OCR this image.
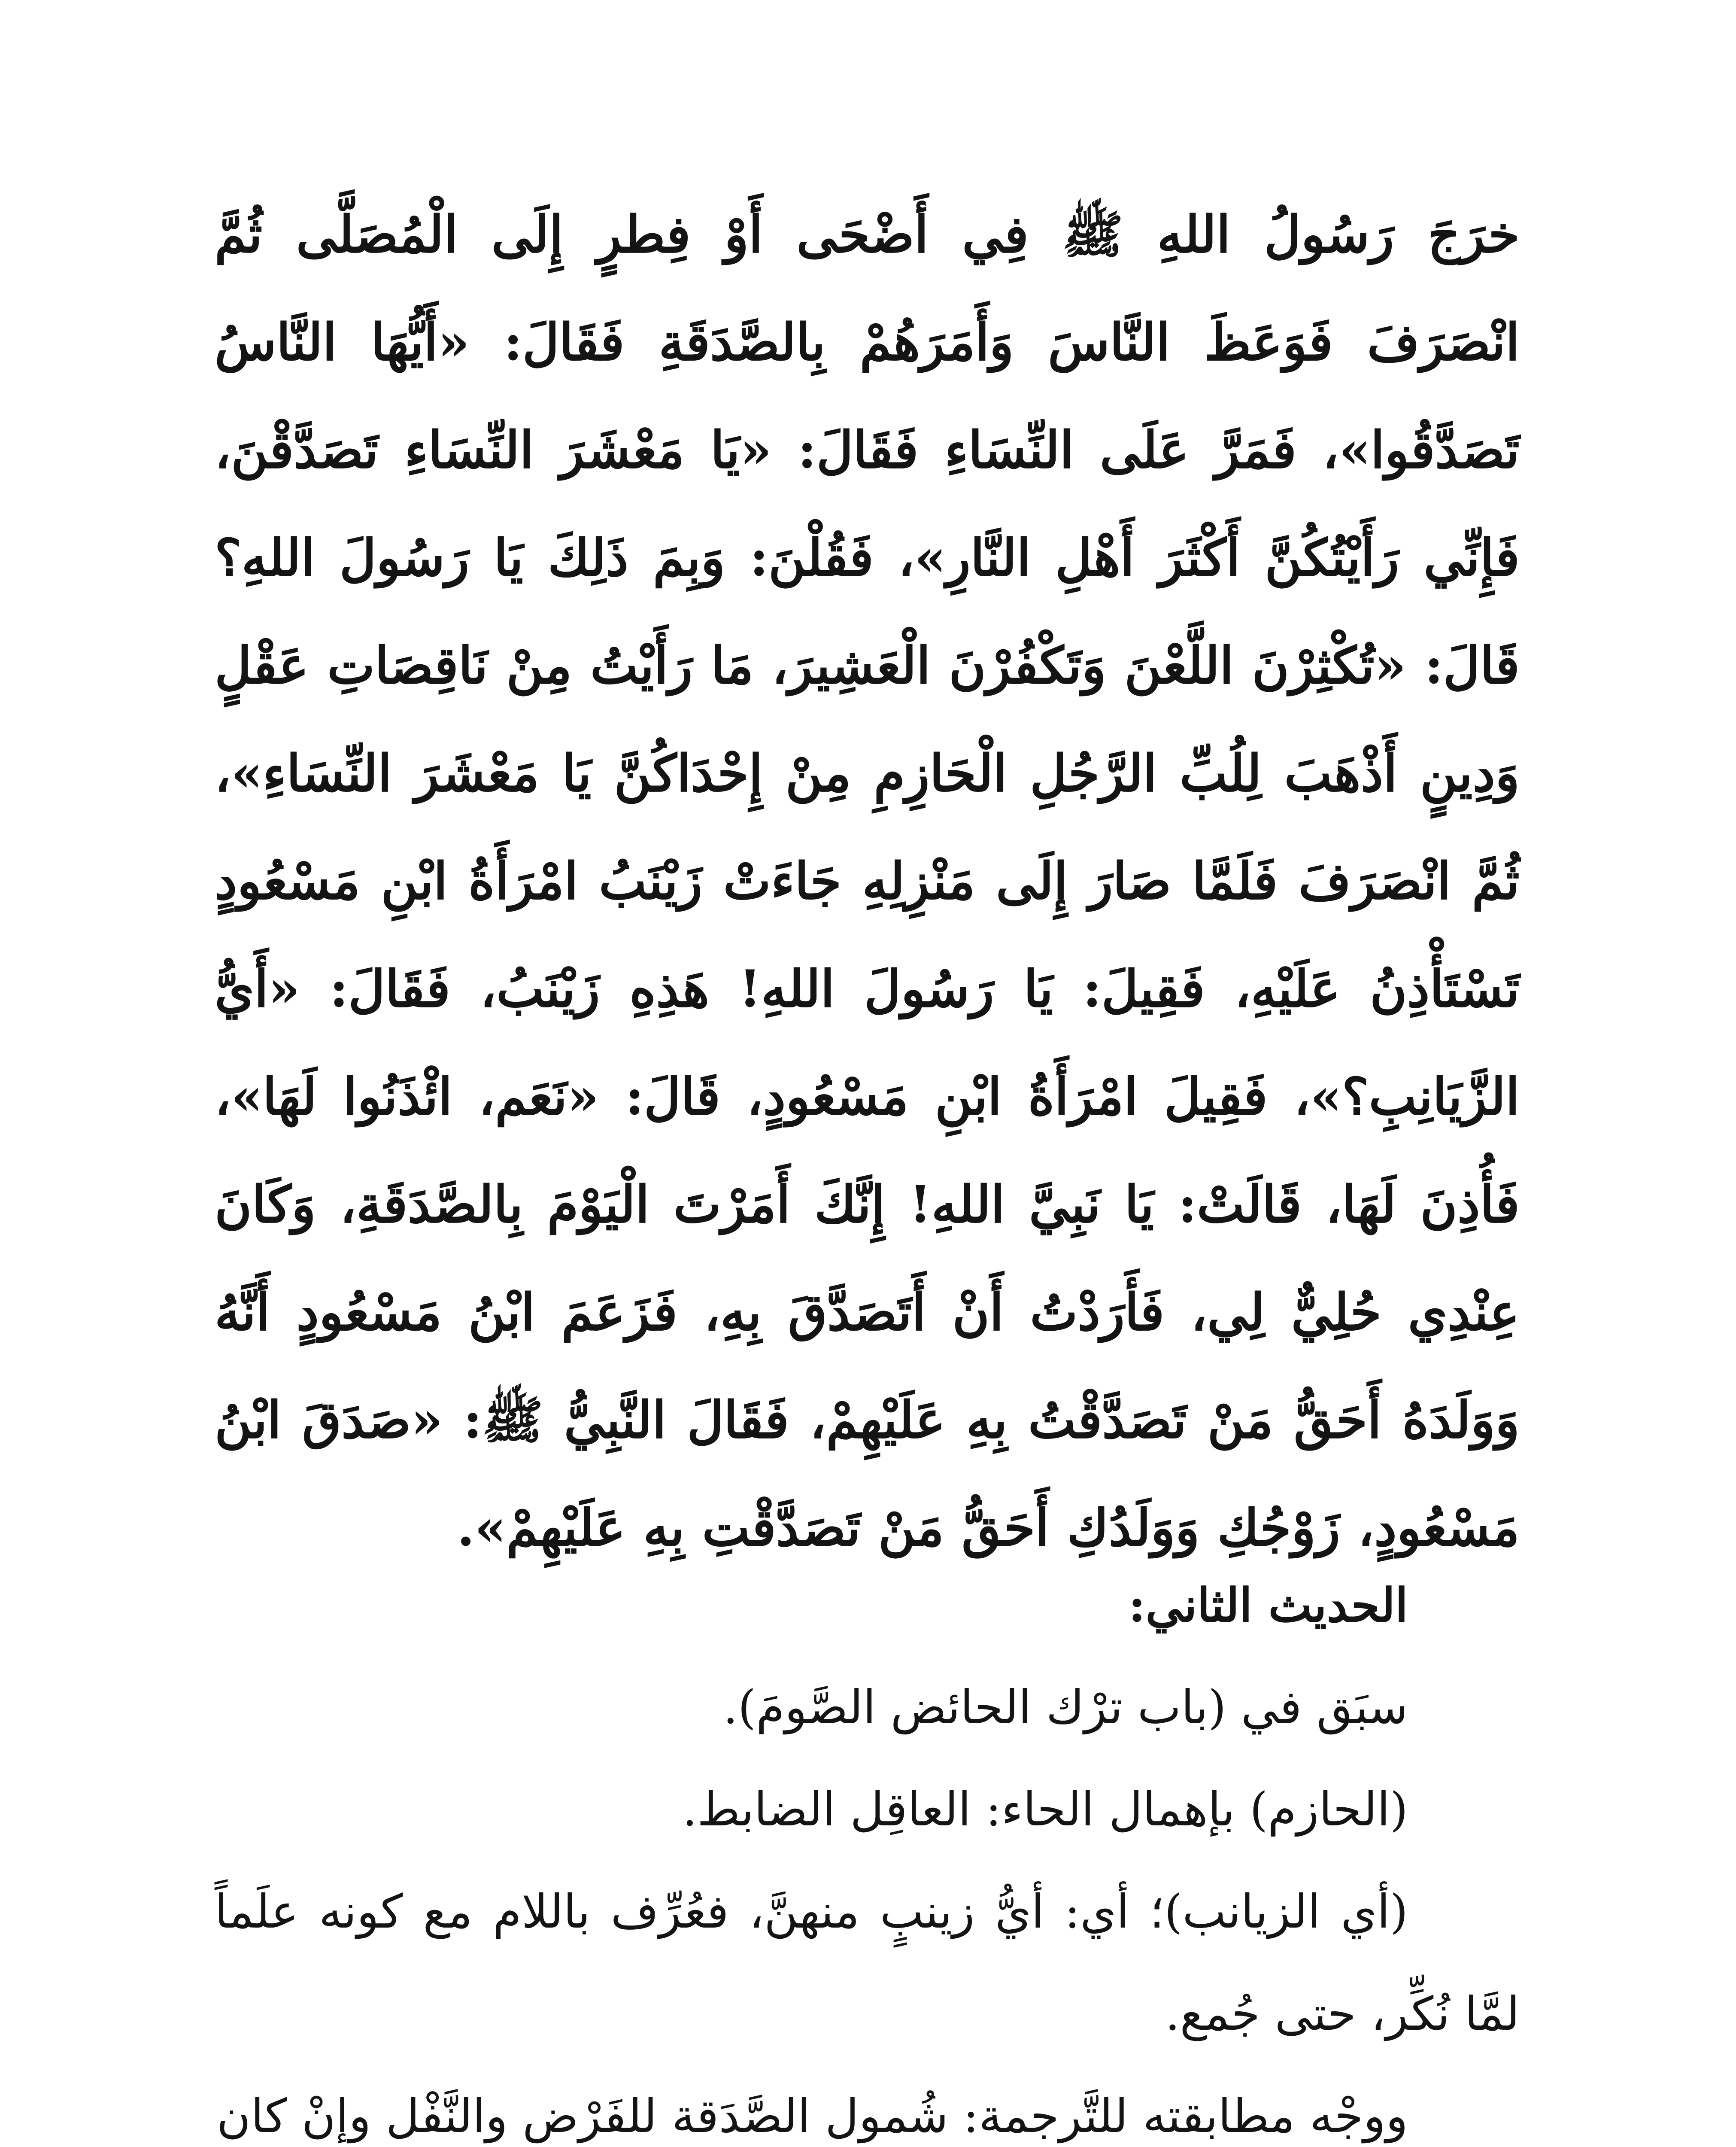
خرَجَ رَسُولُ اللهِ ﷺ فِي أَضْحَى أَوْ فِطرٍ إِلَى الْمُصَلَّى ثُمَّ انْصَرَفَ فَوَعَظَ النَّاسَ وَأَمَرَهُمْ بِالصَّدَقَةِ فَقَالَ: «أَيُّهَا النَّاسُ تَصَدَّقُوا»، فَمَرَّ عَلَى النِّسَاءِ فَقَالَ: «يَا مَعْشَرَ النِّسَاءِ تَصَدَّقْنَ، فَإِنِّي رَأَيْتُكُنَّ أَكْثَرَ أَهْلِ النَّارِ»، فَقُلْنَ: وَبِمَ ذَلِكَ يَا رَسُولَ اللهِ؟ قَالَ: «تُكْثِرْنَ اللَّعْنَ وَتَكْفُرْنَ الْعَشِيرَ، مَا رَأَيْتُ مِنْ نَاقِصَاتِ عَقْلٍ وَدِينٍ أَذْهَبَ لِلُبِّ الرَّجُلِ الْحَازِمِ مِنْ إِحْدَاكُنَّ يَا مَعْشَرَ النِّسَاءِ»، ثُمَّ انْصَرَفَ فَلَمَّا صَارَ إِلَى مَنْزِلِهِ جَاءَتْ زَيْنَبُ امْرَأَةُ ابْنِ مَسْعُودٍ تَسْتَأْذِنُ عَلَيْهِ، فَقِيلَ: يَا رَسُولَ اللهِ! هَذِهِ زَيْنَبُ، فَقَالَ: «أَيُّ الزَّيَانِبِ؟»، فَقِيلَ امْرَأَةُ ابْنِ مَسْعُودٍ، قَالَ: «نَعَم، ائْذَنُوا لَهَا»، فَأُذِنَ لَهَا، قَالَتْ: يَا نَبِيَّ اللهِ! إِنَّكَ أَمَرْتَ الْيَوْمَ بِالصَّدَقَةِ، وَكَانَ عِنْدِي حُلِيٌّ لِي، فَأَرَدْتُ أَنْ أَتَصَدَّقَ بِهِ، فَزَعَمَ ابْنُ مَسْعُودٍ أَنَّهُ وَوَلَدَهُ أَحَقُّ مَنْ تَصَدَّقْتُ بِهِ عَلَيْهِمْ، فَقَالَ النَّبِيُّ ﷺ: «صَدَقَ ابْنُ مَسْعُودٍ، زَوْجُكِ وَوَلَدُكِ أَحَقُّ مَنْ تَصَدَّقْتِ بِهِ عَلَيْهِمْ».

الحديث الثاني:

سبَق في (باب ترْك الحائض الصَّومَ).

(الحازم) بإهمال الحاء: العاقِل الضابط.

(أي الزيانب)؛ أي: أيُّ زينبٍ منهنَّ، فعُرِّف باللام مع كونه علَماً لمَّا نُكِّر، حتى جُمع.

ووجْه مطابقته للتَّرجمة: شُمول الصَّدَقة للفَرْض والنَّفْل وإنْ كان
